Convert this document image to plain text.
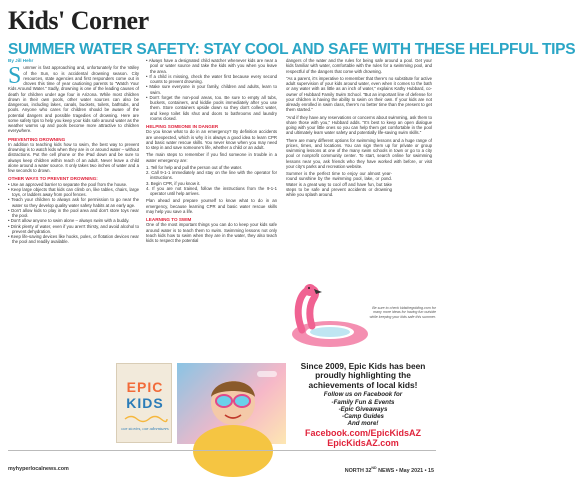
Kids' Corner
SUMMER WATER SAFETY: STAY COOL AND SAFE WITH THESE HELPFUL TIPS
By Jill Hehr
Summer is fast approaching and, unfortunately for the Valley of the Sun, so is accidental drowning season. City resources, state agencies and first responders come out in droves this time of year cautioning parents to "Watch Your Kids Around Water." Sadly, drowning is one of the leading causes of death for children under age four in Arizona. While most children drown in their own pools, other water sources can also be dangerous, including lakes, canals, buckets, toilets, bathtubs, and pools. Anyone who cares for children should be aware of the potential dangers and possible tragedies of drowning. Here are some safety tips to help you keep your kids safe around water as the weather warms up and pools become more attractive to children everywhere.
PREVENTING DROWNING
In addition to teaching kids how to swim, the best way to prevent drowning is to watch kids when they are in or around water – without distractions. Put the cell phone or the iPad down and be sure to always keep children within reach of an adult. Never leave a child alone around a water source. It only takes two inches of water and a few seconds to drown.
OTHER WAYS TO PREVENT DROWNING:
• Use an approved barrier to separate the pool from the house.
• Keep large objects that kids can climb on, like tables, chairs, large toys, or ladders away from pool fences.
• Teach your children to always ask for permission to go near the water so they develop quality water safety habits at an early age.
• Don't allow kids to play in the pool area and don't store toys near the pool.
• Don't allow anyone to swim alone – always swim with a buddy.
• Drink plenty of water, even if you aren't thirsty, and avoid alcohol to prevent dehydration.
• Keep life-saving devices like hooks, poles, or flotation devices near the pool and readily available.
• Always have a designated child watcher whenever kids are near a pool or water source and take the kids with you when you leave the area.
• If a child is missing, check the water first because every second counts to prevent drowning.
• Make sure everyone in your family, children and adults, learn to swim.
• Don't forget the non-pool areas, too. Be sure to empty all tubs, buckets, containers, and kiddie pools immediately after you use them. Store containers upside down so they don't collect water, and keep toilet lids shut and doors to bathrooms and laundry rooms closed.
HELPING SOMEONE IN DANGER
Do you know what to do in an emergency? By definition accidents are unexpected, which is why it is always a good idea to learn CPR and basic water rescue skills. You never know when you may need to step in and save someone's life, whether a child or an adult.
The main steps to remember if you find someone in trouble in a water emergency are:
1. Tell for help and pull the person out of the water.
2. Call 9-1-1 immediately and stay on the line with the operator for instructions.
3. Begin CPR, if you know it.
4. If you are not trained, follow the instructions from the 9-1-1 operator until help arrives.
Plan ahead and prepare yourself to know what to do in an emergency, because learning CPR and basic water rescue skills may help you save a life.
LEARNING TO SWIM
One of the most important things you can do to keep your kids safe around water is to teach them to swim. Swimming lessons not only teach kids how to swim when they are in the water, they also teach kids to respect the potential
dangers of the water and the rules for being safe around a pool. Get your kids familiar with water, comfortable with the rules for a swimming pool, and respectful of the dangers that come with drowning.
"As a parent, it's imperative to remember that there's no substitute for active adult supervision of your kids around water, even when it comes to the bath or any water with as little as an inch of water," explains Kathy Hubbard, co-owner of Hubbard Family Swim School. "But an important line of defense for your children is having the ability to swim on their own. If your kids are not already enrolled in swim class, there's no better time than the present to get them started."
"And if they have any reservations or concerns about swimming, ask them to share those with you," Hubbard adds. "It's best to keep an open dialogue going with your little ones so you can help them get comfortable in the pool and ultimately learn water safety and potentially life-saving swim skills."
There are many different options for swimming lessons and a huge range of prices, times, and locations. You can sign them up for private or group swimming lessons at one of the many swim schools in town or go to a city pool or nonprofit community center. To start, search online for swimming lessons near you, ask friends who they have worked with before, or visit your city's parks and recreation website.
Summer is the perfect time to enjoy our almost year-round sunshine by the swimming pool, lake, or pond. Water is a great way to cool off and have fun, but take steps to be safe and prevent accidents or drowning while you splash around.
Be sure to check kidsthegolding.com for many more ideas for having fun outside while keeping your kids safe this summer.
EPIC
KIDS
our stories, our adventures
Since 2009, Epic Kids has been proudly highlighting the achievements of local kids!
Follow us on Facebook for
-Family Fun & Events
-Epic Giveaways
-Camp Guides
And more!
Facebook.com/EpicKidsAZ
EpicKidsAZ.com
myhyperlocalnews.com	NORTH 32ND NEWS • May 2021 • 15
